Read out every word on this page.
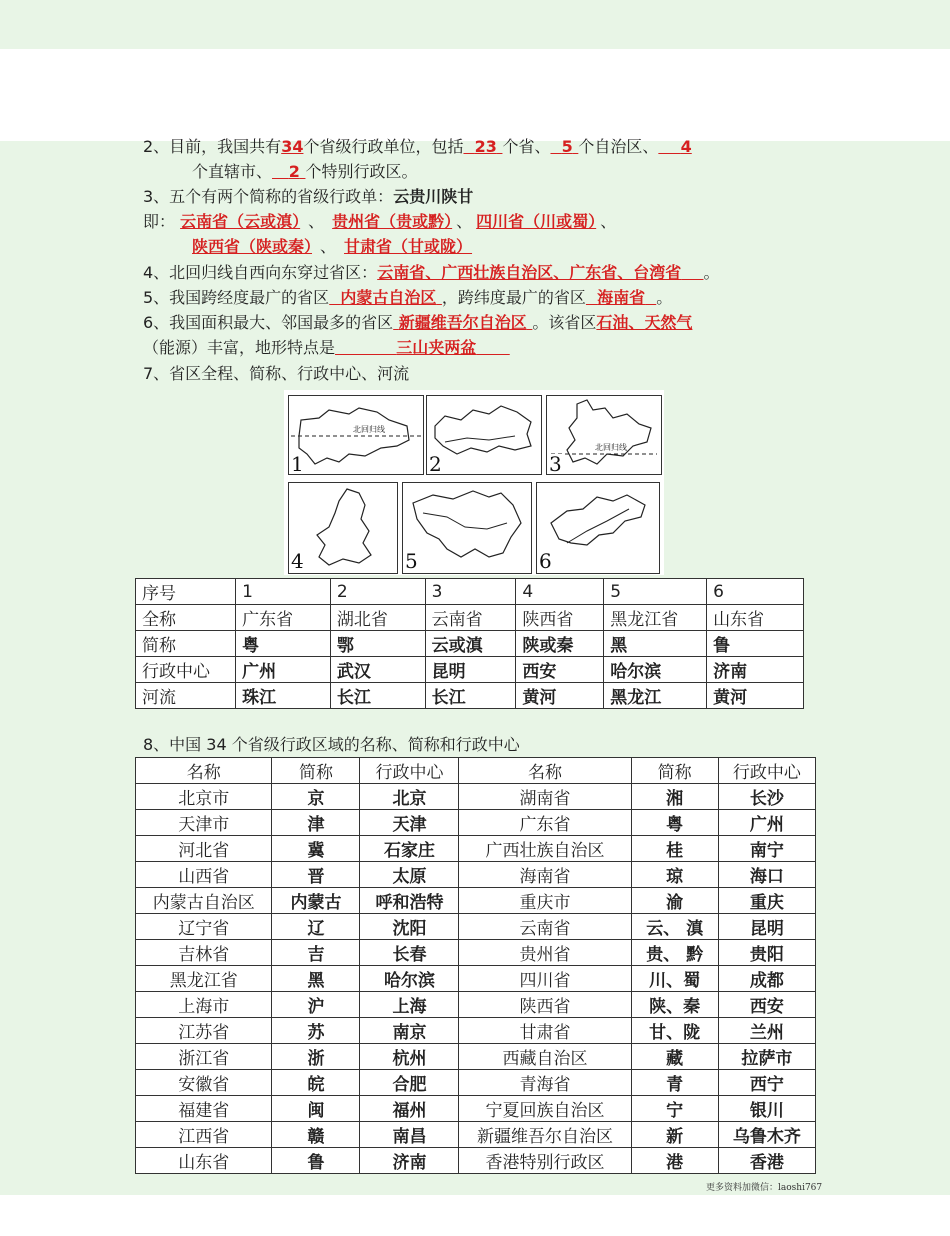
2、目前，我国共有34个省级行政单位，包括 23 个省、 5 个自治区、 4
个直辖市、 2 个特别行政区。
3、五个有两个简称的省级行政单：云贵川陕甘
即： 云南省（云或滇） 、 贵州省（贵或黔） 、 四川省（川或蜀） 、
陕西省（陕或秦） 、 甘肃省（甘或陇）
4、北回归线自西向东穿过省区：云南省、广西壮族自治区、广东省、台湾省 。
5、我国跨经度最广的省区 内蒙古自治区 ，跨纬度最广的省区 海南省 。
6、我国面积最大、邻国最多的省区 新疆维吾尔自治区 。该省区石油、天然气
（能源）丰富，地形特点是	三山夹两盆
7、省区全程、简称、行政中心、河流
北回归线
1	2
北回归线
3
4	5	6
序号	1	2	3	4	5	6
全称	广东省	湖北省	云南省	陕西省	黑龙江省	山东省
简称	粤	鄂	云或滇	陕或秦	黑	鲁
行政中心	广州	武汉	昆明	西安	哈尔滨	济南
河流	珠江	长江	长江	黄河	黑龙江	黄河
8、中国 34 个省级行政区域的名称、简称和行政中心
名称	简称	行政中心	名称	简称	行政中心
北京市	京	北京	湖南省	湘	长沙
天津市	津	天津	广东省	粤	广州
河北省	冀	石家庄	广西壮族自治区	桂	南宁
山西省	晋	太原	海南省	琼	海口
内蒙古自治区	内蒙古	呼和浩特	重庆市	渝	重庆
辽宁省	辽	沈阳	云南省	云、 滇	昆明
吉林省	吉	长春	贵州省	贵、 黔	贵阳
黑龙江省	黑	哈尔滨	四川省	川、蜀	成都
上海市	沪	上海	陕西省	陕、秦	西安
江苏省	苏	南京	甘肃省	甘、陇	兰州
浙江省	浙	杭州	西藏自治区	藏	拉萨市
安徽省	皖	合肥	青海省	青	西宁
福建省	闽	福州	宁夏回族自治区	宁	银川
江西省	赣	南昌	新疆维吾尔自治区	新	乌鲁木齐
山东省	鲁	济南	香港特别行政区	港	香港
更多资料加微信：laoshi767
